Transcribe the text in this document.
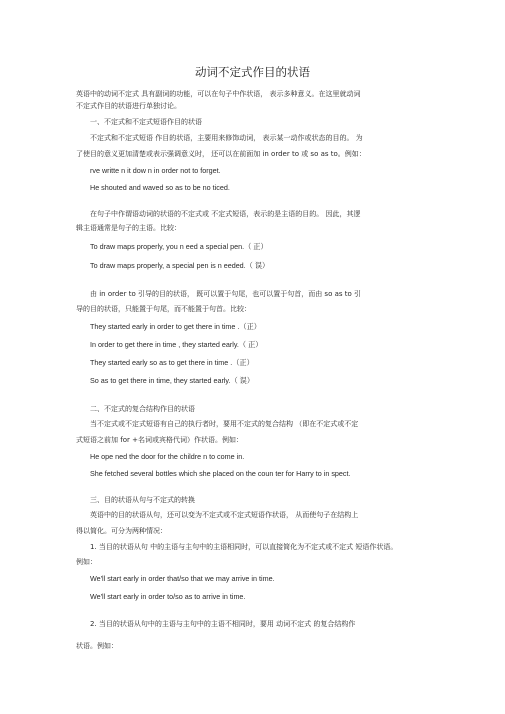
动词不定式作目的状语
英语中的动词不定式 具有副词的功能，可以在句子中作状语， 表示多种意义。在这里就动词
不定式作目的状语进行单独讨论。
一、不定式和不定式短语作目的状语
不定式和不定式短语 作目的状语，主要用来修饰动词， 表示某一动作或状态的目的。 为
了使目的意义更加清楚或表示强调意义时， 还可以在前面加 in order to 或 so as to。例如：
rve writte n it dow n in order not to forget.
He shouted and waved so as to be no ticed.
在句子中作谓语动词的状语的不定式或 不定式短语，表示的是主语的目的。 因此，其逻
辑主语通常是句子的主语。比较：
To draw maps properly, you n eed a special pen.（ 正）
To draw maps properly, a special pen is n eeded.（ 误）
由 in order to 引导的目的状语， 既可以置于句尾，也可以置于句首，而由 so as to 引
导的目的状语，只能置于句尾，而不能置于句首。比较：
They started early in order to get there in time .（正）
In order to get there in time , they started early.（ 正）
They started early so as to get there in time .（正）
So as to get there in time, they started early.（ 误）
二、不定式的复合结构作目的状语
当不定式或不定式短语有自己的执行者时，要用不定式的复合结构 （即在不定式或不定
式短语之前加 for +名词或宾格代词）作状语。例如：
He ope ned the door for the childre n to come in.
She fetched several bottles which she placed on the coun ter for Harry to in spect.
三、目的状语从句与不定式的转换
英语中的目的状语从句，还可以变为不定式或不定式短语作状语， 从而使句子在结构上
得以简化。可分为两种情况：
1. 当目的状语从句 中的主语与主句中的主语相同时，可以直接简化为不定式或不定式 短语作状语。
例如：
We'll start early in order that/so that we may arrive in time.
We'll start early in order to/so as to arrive in time.
2. 当目的状语从句中的主语与主句中的主语不相同时，要用 动词不定式 的复合结构作
状语。例如：
